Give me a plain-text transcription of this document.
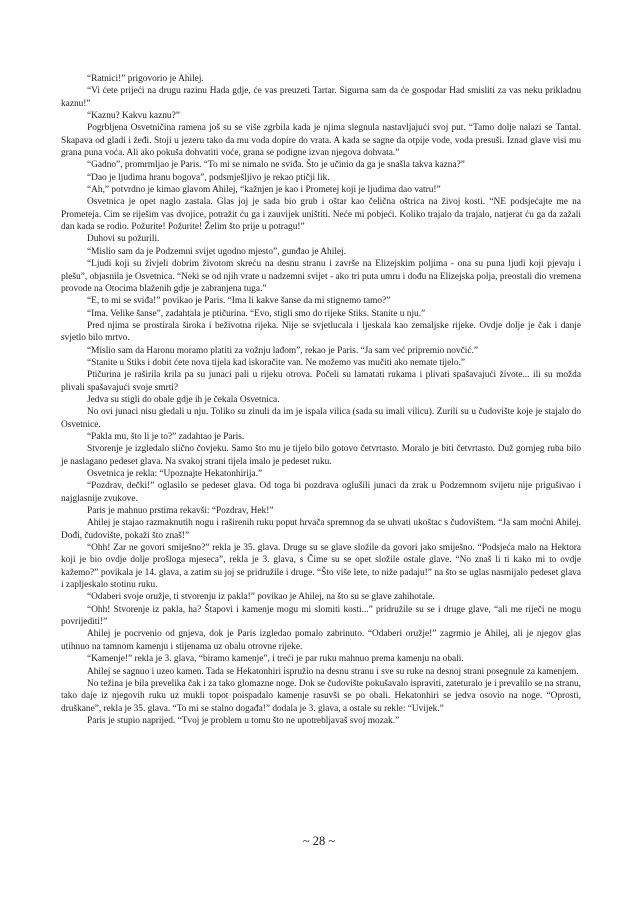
“Ratnici!” prigovorio je Ahilej.

“Vi ćete prijeći na drugu razinu Hada gdje, će vas preuzeti Tartar. Sigurna sam da će gospodar Had smisliti za vas neku prikladnu kaznu!”

“Kaznu? Kakvu kaznu?”

Pogrbljena Osvetničina ramena još su se više zgrbila kada je njima slegnula nastavljajući svoj put. “Tamo dolje nalazi se Tantal. Skapava od gladi i žeđi. Stoji u jezeru tako da mu voda dopire do vrata. A kada se sagne da otpije vode, voda presuši. Iznad glave visi mu grana puna voća. Ali ako pokuša dohvatiti voće, grana se podigne izvan njegova dohvata.”

“Gadno”, promrmljao je Paris. “To mi se nimalo ne sviđa. Što je učinio da ga je snašla takva kazna?”

“Dao je ljudima hranu bogova”, podsmješljivo je rekao ptičji lik.

“Ah,” potvrdno je kimao glavom Ahilej, “kažnjen je kao i Prometej koji je ljudima dao vatru!”

Osvetnica je opet naglo zastala. Glas joj je sada bio grub i oštar kao čelična oštrica na živoj kosti. “NE podsjećajte me na Prometeja. Cim se riješim vas dvojice, potražit ću ga i zauvijek uništiti. Neće mi pobjeći. Koliko trajalo da trajalo, natjerat ću ga da zažali dan kada se rodio. Požurite! Požurite! Želim što prije u potragu!”

Duhovi su požurili.

“Mislio sam da je Podzemni svijet ugodno mjesto”, gunđao je Ahilej.

“Ljudi koji su živjeli dobrim životom skreću na desnu stranu i završe na Elizejskim poljima - ona su puna ljudi koji pjevaju i plešu”, objasnila je Osvetnica. “Neki se od njih vrate u nadzemni svijet - ako tri puta umru i dođu na Elizejska polja, preostali dio vremena provode na Otocima blaženih gdje je zabranjena tuga.”

“E, to mi se sviđa!” povikao je Paris. “Ima li kakve šanse da mi stignemo tamo?”

“Ima. Velike šanse”, zadahtala je ptičurina. “Evo, stigli smo do rijeke Stiks. Stanite u nju.”

Pred njima se prostirala široka i beživotna rijeka. Nije se svjetlucala i ljeskala kao zemaljske rijeke. Ovdje dolje je čak i danje svjetlo bilo mrtvo.

“Mislio sam da Haronu moramo platiti za vožnju lađom”, rekao je Paris. “Ja sam već pripremio novčić.”

“Stanite u Stiks i dobit ćete nova tijela kad iskoračite van. Ne možemo vas mučiti ako nemate tijelo.”

Ptičurina je raširila krila pa su junaci pali u rijeku otrova. Počeli su lamatati rukama i plivati spašavajući živote... ili su možda plivali spašavajući svoje smrti?

Jedva su stigli do obale gdje ih je čekala Osvetnica.

No ovi junaci nisu gledali u nju. Toliko su zinuli da im je ispala vilica (sada su imali vilicu). Zurili su u čudovište koje je stajalo do Osvetnice.

“Pakla mu, što li je to?” zadahtao je Paris.

Stvorenje je izgledalo slično čovjeku. Samo što mu je tijelo bilo gotovo četvrtasto. Moralo je biti četvrtasto. Duž gornjeg ruba bilo je naslagano pedeset glava. Na svakoj strani tijela imalo je pedeset ruku.

Osvetnica je rekla: “Upoznajte Hekatonhirija.”

“Pozdrav, dečki!” oglasilo se pedeset glava. Od toga bi pozdrava oglušili junaci da zrak u Podzemnom svijetu nije prigušivao i najglasnije zvukove.

Paris je mahnuo prstima rekavši: “Pozdrav, Hek!”

Ahilej je stajao razmaknutih nogu i raširenih ruku poput hrvača spremnog da se uhvati ukoštac s čudovištem. “Ja sam moćni Ahilej. Dođi, čudovište, pokaži što znaš!”

“Ohh! Zar ne govori smiješno?” rekla je 35. glava. Druge su se glave složile da govori jako smiješno. “Podsjeća malo na Hektora koji je bio ovdje dolje prošloga mjeseca”, rekla je 3. glava, s Čime su se opet složile ostale glave. “No znaš li ti kako mi to ovdje kažemo?” povikala je 14. glava, a zatim su joj se pridružile i druge. “Što više lete, to niže padaju!” na što se uglas nasmijalo pedeset glava i zapljeskalo stotinu ruku.

“Odaberi svoje oružje, ti stvorenju iz pakla!” povikao je Ahilej, na što su se glave zahihotale.

“Ohh! Stvorenje iz pakla, ha? Štapovi i kamenje mogu mi slomiti kosti...” pridružile su se i druge glave, “ali me riječi ne mogu povrijediti!”

Ahilej je pocrvenio od gnjeva, dok je Paris izgledao pomalo zabrinuto. “Odaberi oružje!” zagrmio je Ahilej, ali je njegov glas utihnuo na tamnom kamenju i stijenama uz obalu otrovne rijeke.

“Kamenje!” rekla je 3. glava, “biramo kamenje”, i treći je par ruku mahnuo prema kamenju na obali.

Ahilej se sagnuo i uzeo kamen. Tada se Hekatonhiri ispružio na desnu stranu i sve su ruke na desnoj strani posegnule za kamenjem.

No težina je bila prevelika čak i za tako glomazne noge. Dok se čudovište pokušavalo ispraviti, zateturalo je i prevalilo se na stranu, tako daje iz njegovih ruku uz mukli topot poispadalo kamenje rasuvši se po obali. Hekatonhiri se jedva osovio na noge. “Oprosti, druškane”, rekla je 35. glava. “To mi se stalno događa!” dodala je 3. glava, a ostale su rekle: “Uvijek.”

Paris je stupio naprijed. “Tvoj je problem u tomu što ne upotrebljavaš svoj mozak.”

~ 28 ~
